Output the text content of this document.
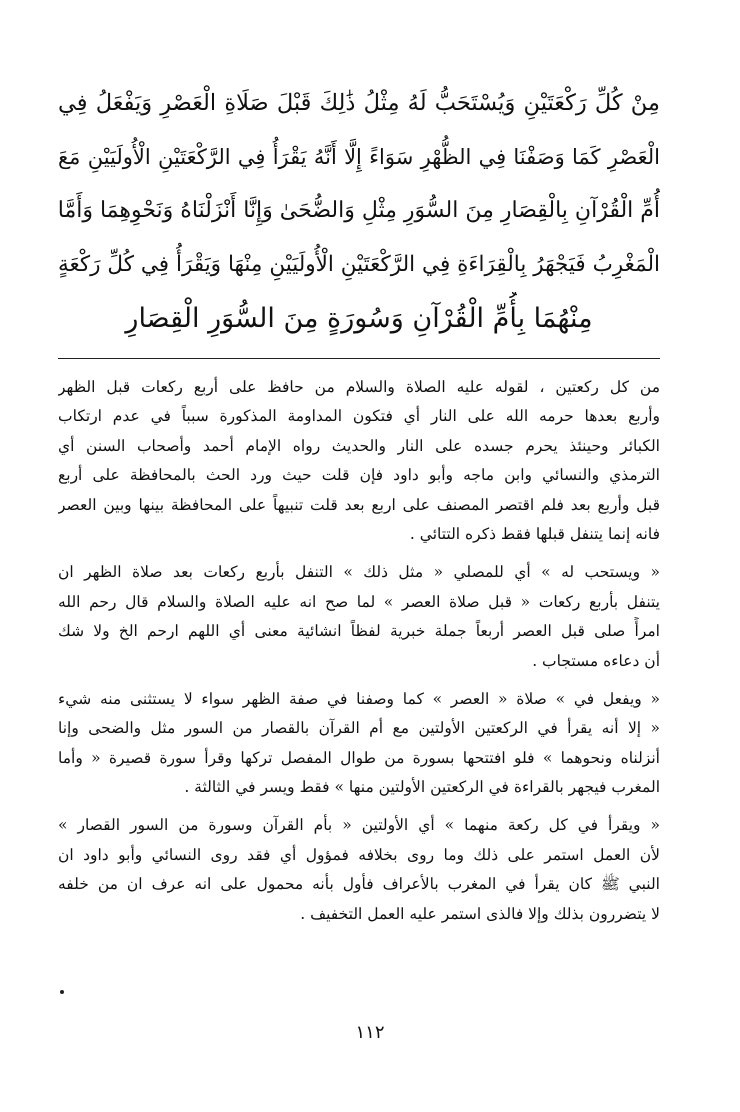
مِنْ كُلِّ رَكْعَتَيْنِ وَيُسْتَحَبُّ لَهُ مِثْلُ ذَٰلِكَ قَبْلَ صَلَاةِ الْعَصْرِ وَيَفْعَلُ فِي
الْعَصْرِ كَمَا وَصَفْنَا فِي الظُّهْرِ سَوَاءً إِلَّا أَنَّهُ يَقْرَأُ فِي الرَّكْعَتَيْنِ الْأُولَيَيْنِ مَعَ
أُمِّ الْقُرْآنِ بِالْقِصَارِ مِنَ السُّوَرِ مِثْلِ وَالضُّحَىٰ وَإِنَّا أَنْزَلْنَاهُ وَنَحْوِهِمَا وَأَمَّا
الْمَغْرِبُ فَيَجْهَرُ بِالْقِرَاءَةِ فِي الرَّكْعَتَيْنِ الْأُولَيَيْنِ مِنْهَا وَيَقْرَأُ فِي كُلِّ رَكْعَةٍ
مِنْهُمَا بِأُمِّ الْقُرْآنِ وَسُورَةٍ مِنَ السُّوَرِ الْقِصَارِ
من كل ركعتين ، لقوله عليه الصلاة والسلام من حافظ على أربع ركعات قبل الظهر
وأربع بعدها حرمه الله على النار أي فتكون المداومة المذكورة سبباً في عدم ارتكاب
الكبائر وحينئذ يحرم جسده على النار والحديث رواه الإمام أحمد وأصحاب السنن أي
الترمذي والنسائي وابن ماجه وأبو داود فإن قلت حيث ورد الحث بالمحافظة على أربع
قبل وأربع بعد فلم اقتصر المصنف على اربع بعد قلت تنبيهاً على المحافظة بينها وبين العصر
فانه إنما يتنفل قبلها فقط ذكره التتائي .
« ويستحب له » أي للمصلي « مثل ذلك » التنفل بأربع ركعات بعد صلاة الظهر ان
يتنفل بأربع ركعات « قبل صلاة العصر » لما صح انه عليه الصلاة والسلام قال رحم الله
امرأً صلى قبل العصر أربعاً جملة خبرية لفظاً انشائية معنى أي اللهم ارحم الخ ولا شك
أن دعاءه مستجاب .
« ويفعل في » صلاة « العصر » كما وصفنا في صفة الظهر سواء لا يستثنى منه شيء
« إلا أنه يقرأ في الركعتين الأولتين مع أم القرآن بالقصار من السور مثل والضحى وإنا
أنزلناه ونحوهما » فلو افتتحها بسورة من طوال المفصل تركها وقرأ سورة قصيرة « وأما
المغرب فيجهر بالقراءة في الركعتين الأولتين منها » فقط ويسر في الثالثة .
« ويقرأ في كل ركعة منهما » أي الأولتين « بأم القرآن وسورة من السور القصار »
لأن العمل استمر على ذلك وما روى بخلافه فمؤول أي فقد روى النسائي وأبو داود ان
النبي ﷺ كان يقرأ في المغرب بالأعراف فأول بأنه محمول على انه عرف ان من خلفه
لا يتضررون بذلك وإلا فالذى استمر عليه العمل التخفيف .
١١٢
